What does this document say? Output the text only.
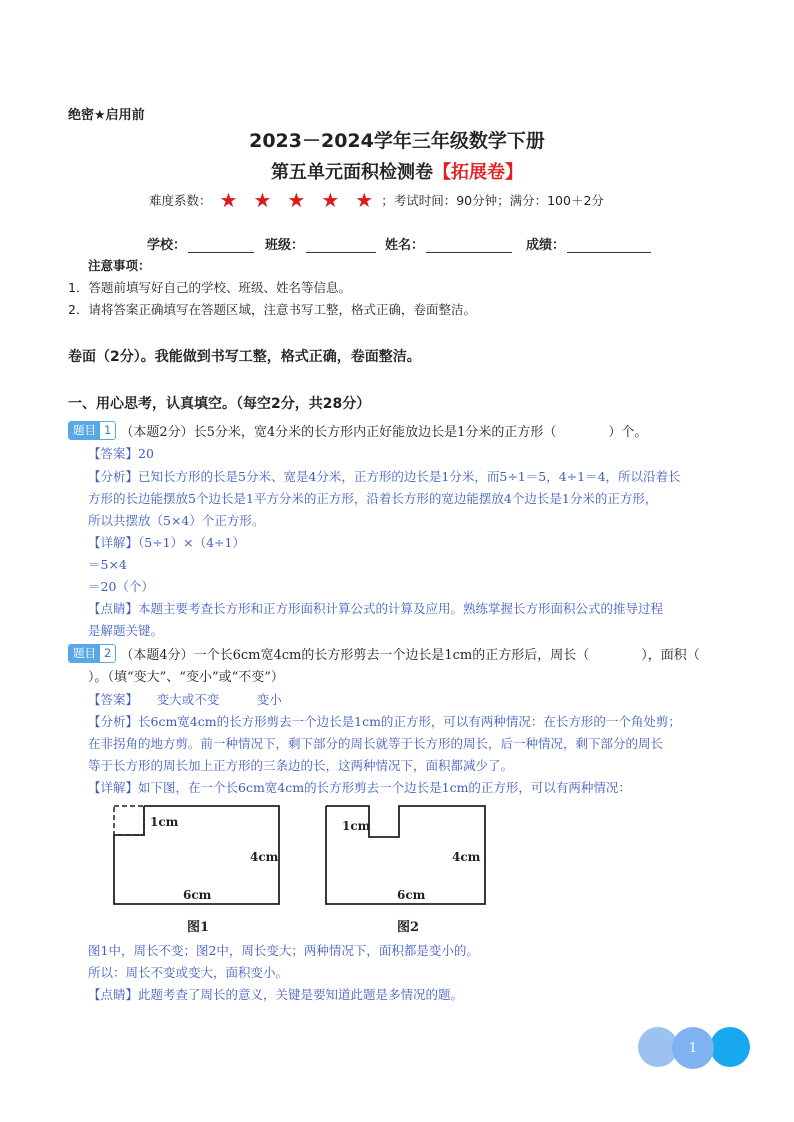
绝密★启用前
2023－2024学年三年级数学下册
第五单元面积检测卷【拓展卷】
难度系数： ★ ★ ★ ★ ★ ；考试时间：90分钟；满分：100＋2分
学校：	班级：	姓名：	成绩：
注意事项：
1．答题前填写好自己的学校、班级、姓名等信息。
2．请将答案正确填写在答题区域，注意书写工整，格式正确，卷面整洁。
卷面（2分）。我能做到书写工整，格式正确，卷面整洁。
一、用心思考，认真填空。（每空2分，共28分）
题目 1 （本题2分）长5分米，宽4分米的长方形内正好能放边长是1分米的正方形（　　　　）个。
【答案】20
【分析】已知长方形的长是5分米、宽是4分米，正方形的边长是1分米，而5÷1＝5，4÷1＝4，所以沿着长
方形的长边能摆放5个边长是1平方分米的正方形，沿着长方形的宽边能摆放4个边长是1分米的正方形，
所以共摆放（5×4）个正方形。
【详解】（5÷1）×（4÷1）
＝5×4
＝20（个）
【点睛】本题主要考查长方形和正方形面积计算公式的计算及应用。熟练掌握长方形面积公式的推导过程
是解题关键。
题目 2 （本题4分）一个长6cm宽4cm的长方形剪去一个边长是1cm的正方形后，周长（　　　　），面积（
）。（填“变大”、“变小”或“不变”）
【答案】　　变大或不变　　　变小
【分析】长6cm宽4cm的长方形剪去一个边长是1cm的正方形，可以有两种情况：在长方形的一个角处剪；
在非拐角的地方剪。前一种情况下，剩下部分的周长就等于长方形的周长，后一种情况，剩下部分的周长
等于长方形的周长加上正方形的三条边的长，这两种情况下，面积都减少了。
【详解】如下图，在一个长6cm宽4cm的长方形剪去一个边长是1cm的正方形，可以有两种情况：
1cm
4cm
6cm
图1
1cm
4cm
6cm
图2
图1中，周长不变；图2中，周长变大；两种情况下，面积都是变小的。
所以：周长不变或变大，面积变小。
【点睛】此题考查了周长的意义，关键是要知道此题是多情况的题。
1
